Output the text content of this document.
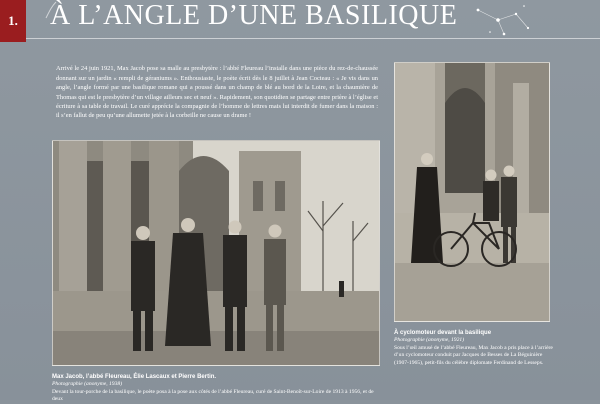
1. À L’ANGLE D’UNE BASILIQUE

Arrivé le 24 juin 1921, Max Jacob pose sa malle au presbytère : l’abbé Fleureau l’installe dans une pièce du rez-de-chaussée donnant sur un jardin « rempli de géraniums ». Enthousiaste, le poète écrit dès le 8 juillet à Jean Cocteau : « Je vis dans un angle, l’angle formé par une basilique romane qui a poussé dans un champ de blé au bord de la Loire, et la chaumière de Thomas qui est le presbytère d’un village ailleurs sec et neuf ». Rapidement, son quotidien se partage entre prière à l’église et écriture à sa table de travail. Le curé apprécie la compagnie de l’homme de lettres mais lui interdit de fumer dans la maison : il s’en fallut de peu qu’une allumette jetée à la corbeille ne cause un drame !

À cyclomoteur devant la basilique
Photographie (anonyme, 1921)
Sous l’œil amusé de l’abbé Fleureau, Max Jacob a pris place à l’arrière d’un cyclomoteur conduit par Jacques de Besses de La Béguinière (1907-1965), petit-fils du célèbre diplomate Ferdinand de Lesseps.
Max Jacob, l’abbé Fleureau, Élie Lascaux et Pierre Bertin.
Photographie (anonyme, 1938)
Devant la tour-porche de la basilique, le poète posa à la pose aux côtés de l’abbé Fleureau, curé de Saint-Benoît-sur-Loire de 1913 à 1956, et de deux
